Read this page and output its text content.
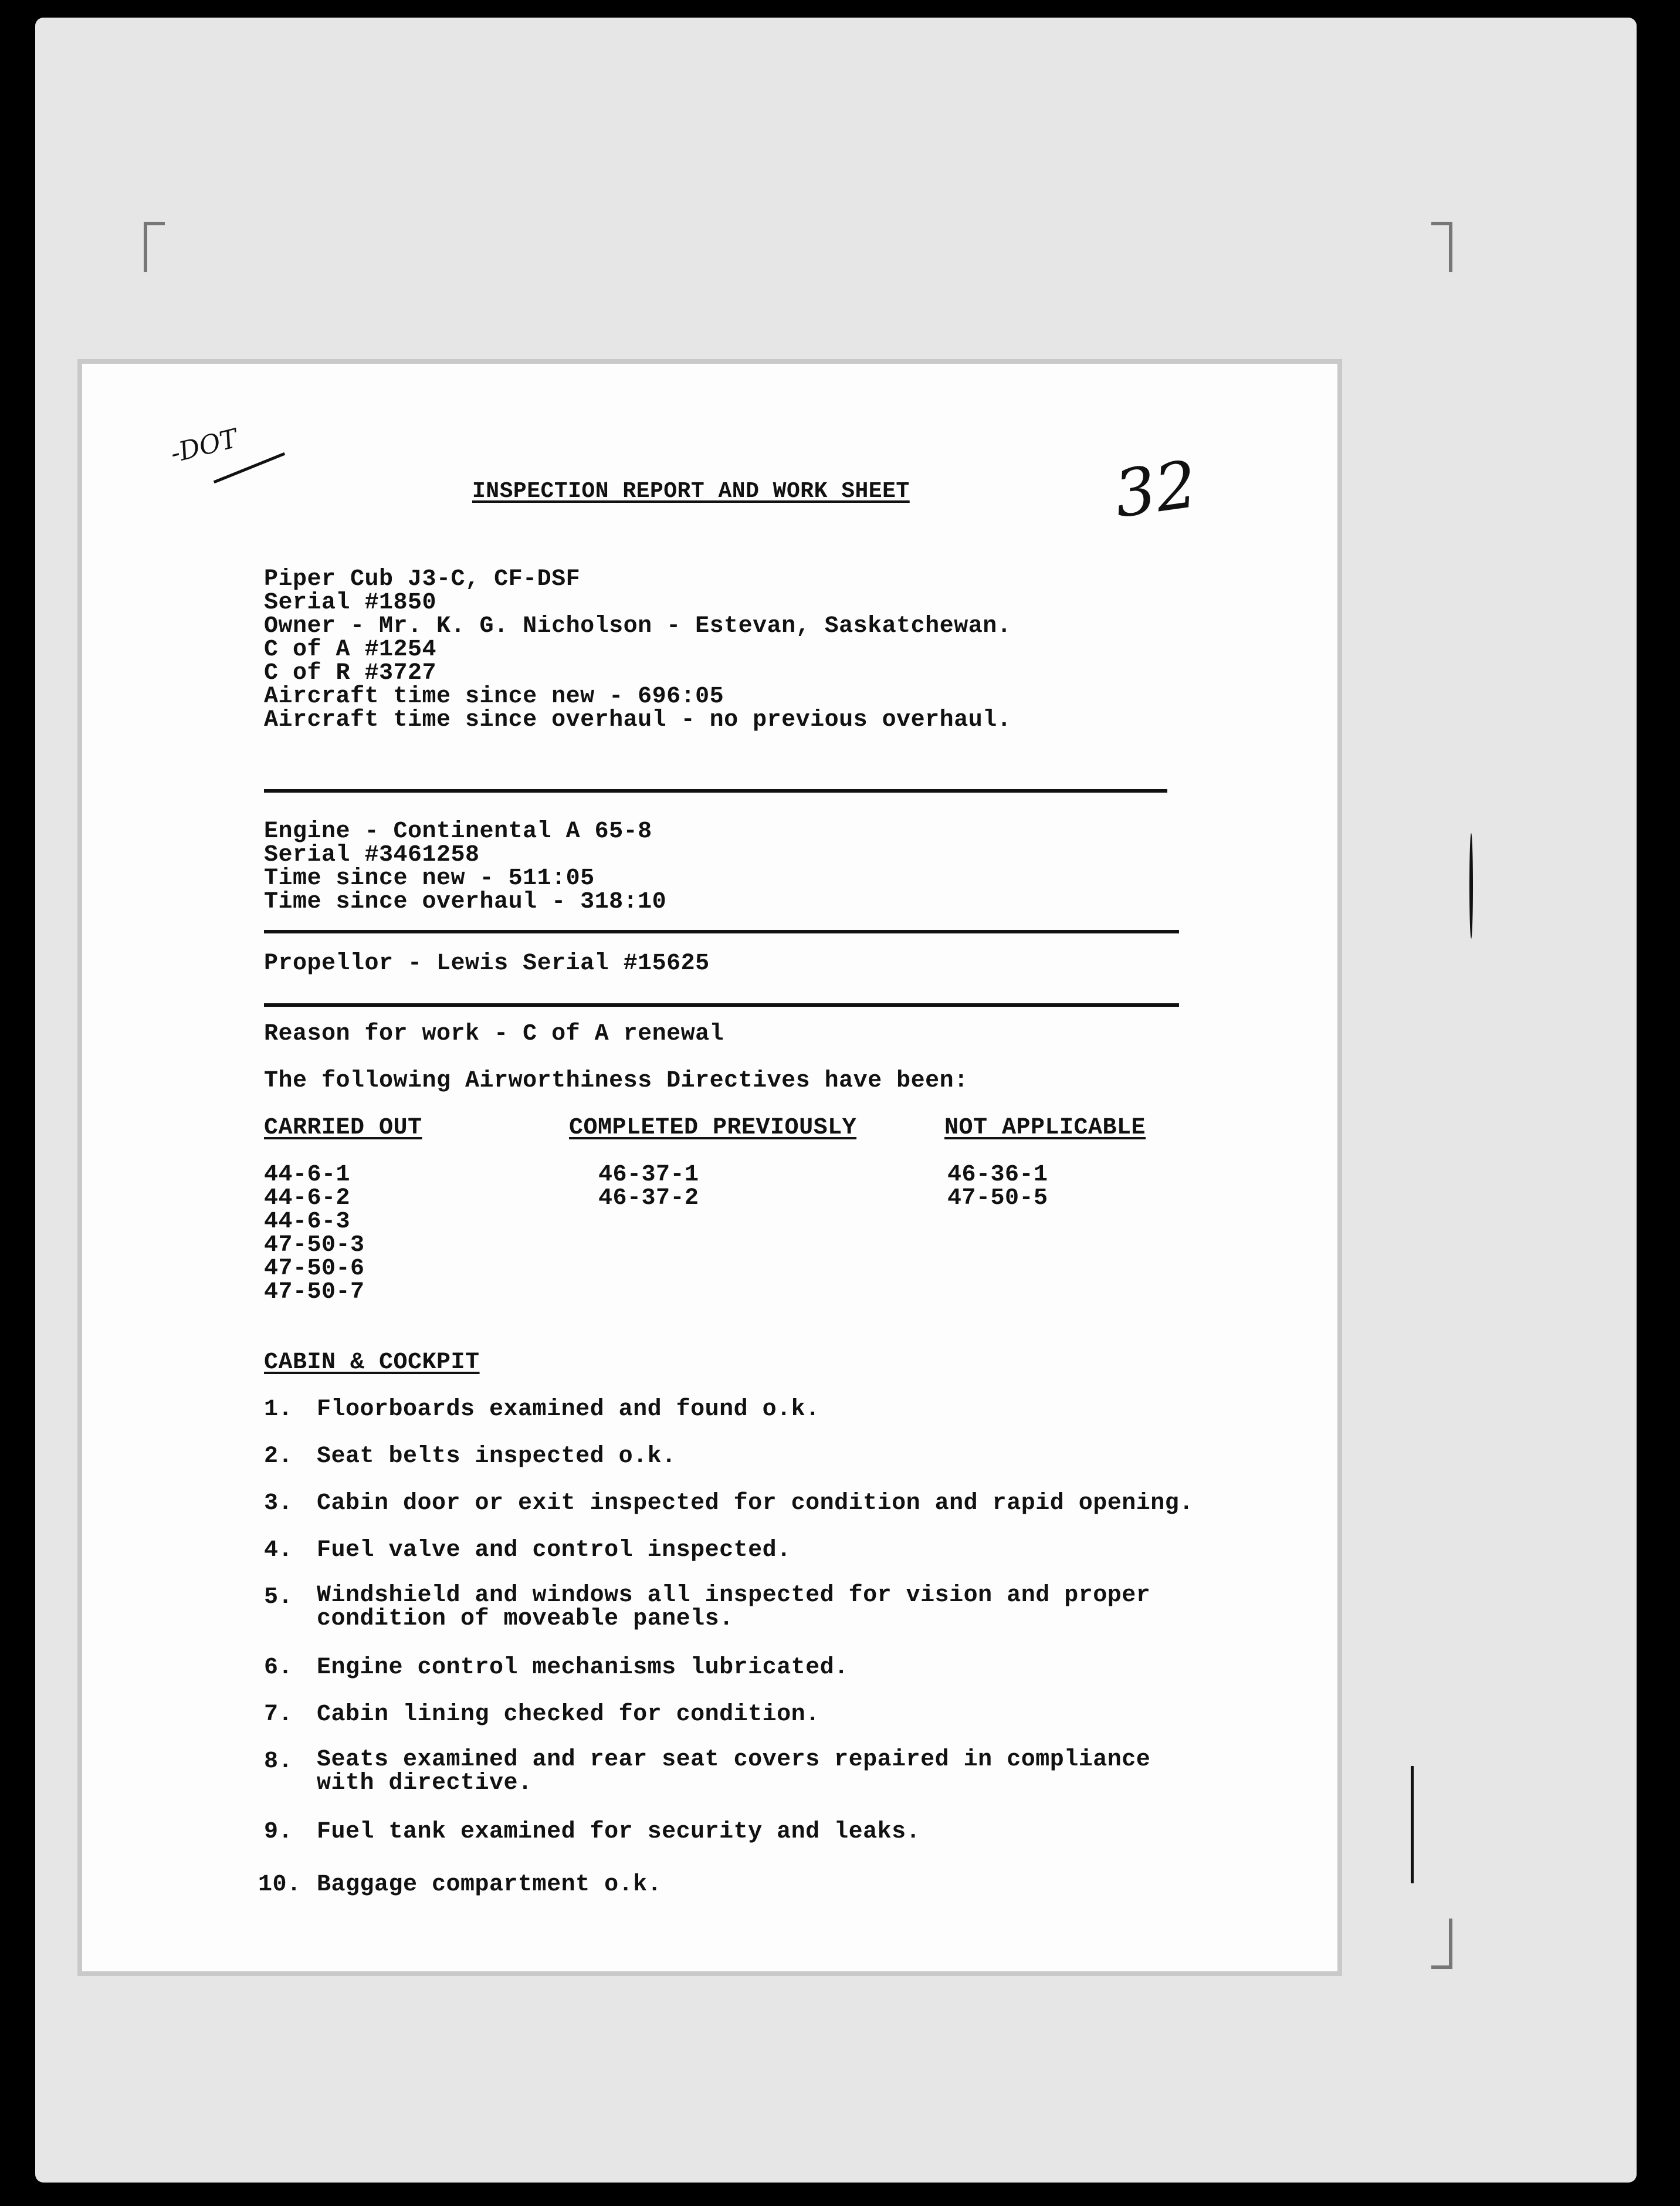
-DOT
32
INSPECTION REPORT AND WORK SHEET
Piper Cub J3-C, CF-DSF
Serial #1850
Owner - Mr. K. G. Nicholson - Estevan, Saskatchewan.
C of A #1254
C of R #3727
Aircraft time since new - 696:05
Aircraft time since overhaul - no previous overhaul.
Engine - Continental A 65-8
Serial #3461258
Time since new - 511:05
Time since overhaul - 318:10
Propellor - Lewis Serial #15625
Reason for work - C of A renewal
The following Airworthiness Directives have been:
CARRIED OUT	COMPLETED PREVIOUSLY	NOT APPLICABLE
44-6-1
44-6-2
44-6-3
47-50-3
47-50-6
47-50-7
46-37-1
46-37-2
46-36-1
47-50-5
CABIN & COCKPIT
1. Floorboards examined and found o.k.
2. Seat belts inspected o.k.
3. Cabin door or exit inspected for condition and rapid opening.
4. Fuel valve and control inspected.
5. Windshield and windows all inspected for vision and proper
condition of moveable panels.
6. Engine control mechanisms lubricated.
7. Cabin lining checked for condition.
8. Seats examined and rear seat covers repaired in compliance
with directive.
9. Fuel tank examined for security and leaks.
10. Baggage compartment o.k.
